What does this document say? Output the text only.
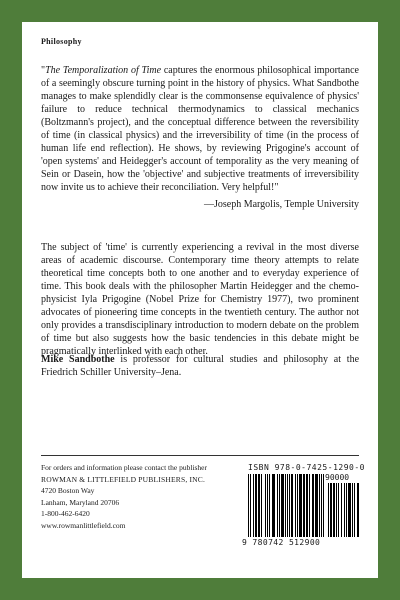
Philosophy
"The Temporalization of Time captures the enormous philosophical importance of a seemingly obscure turning point in the history of physics. What Sandbothe manages to make splendidly clear is the commonsense equivalence of physics' failure to reduce technical thermodynamics to classical mechanics (Boltzmann's project), and the conceptual difference between the reversibility of time (in classical physics) and the irreversibility of time (in the process of human life end reflection). He shows, by reviewing Prigogine's account of 'open systems' and Heidegger's account of temporality as the very meaning of Sein or Dasein, how the 'objective' and subjective treatments of irreversibility now invite us to achieve their reconciliation. Very helpful!"
—Joseph Margolis, Temple University
The subject of 'time' is currently experiencing a revival in the most diverse areas of academic discourse. Contemporary time theory attempts to relate theoretical time concepts both to one another and to everyday experience of time. This book deals with the philosopher Martin Heidegger and the chemo-physicist Iyla Prigogine (Nobel Prize for Chemistry 1977), two prominent advocates of pioneering time concepts in the twentieth century. The author not only provides a transdisciplinary introduction to modern debate on the problem of time but also suggests how the basic tendencies in this debate might be pragmatically interlinked with each other.
Mike Sandbothe is professor for cultural studies and philosophy at the Friedrich Schiller University–Jena.
For orders and information please contact the publisher
ROWMAN & LITTLEFIELD PUBLISHERS, INC.
4720 Boston Way
Lanham, Maryland 20706
1-800-462-6420
www.rowmanlittlefield.com
ISBN 978-0-7425-1290-0
90000
9 780742 512900
